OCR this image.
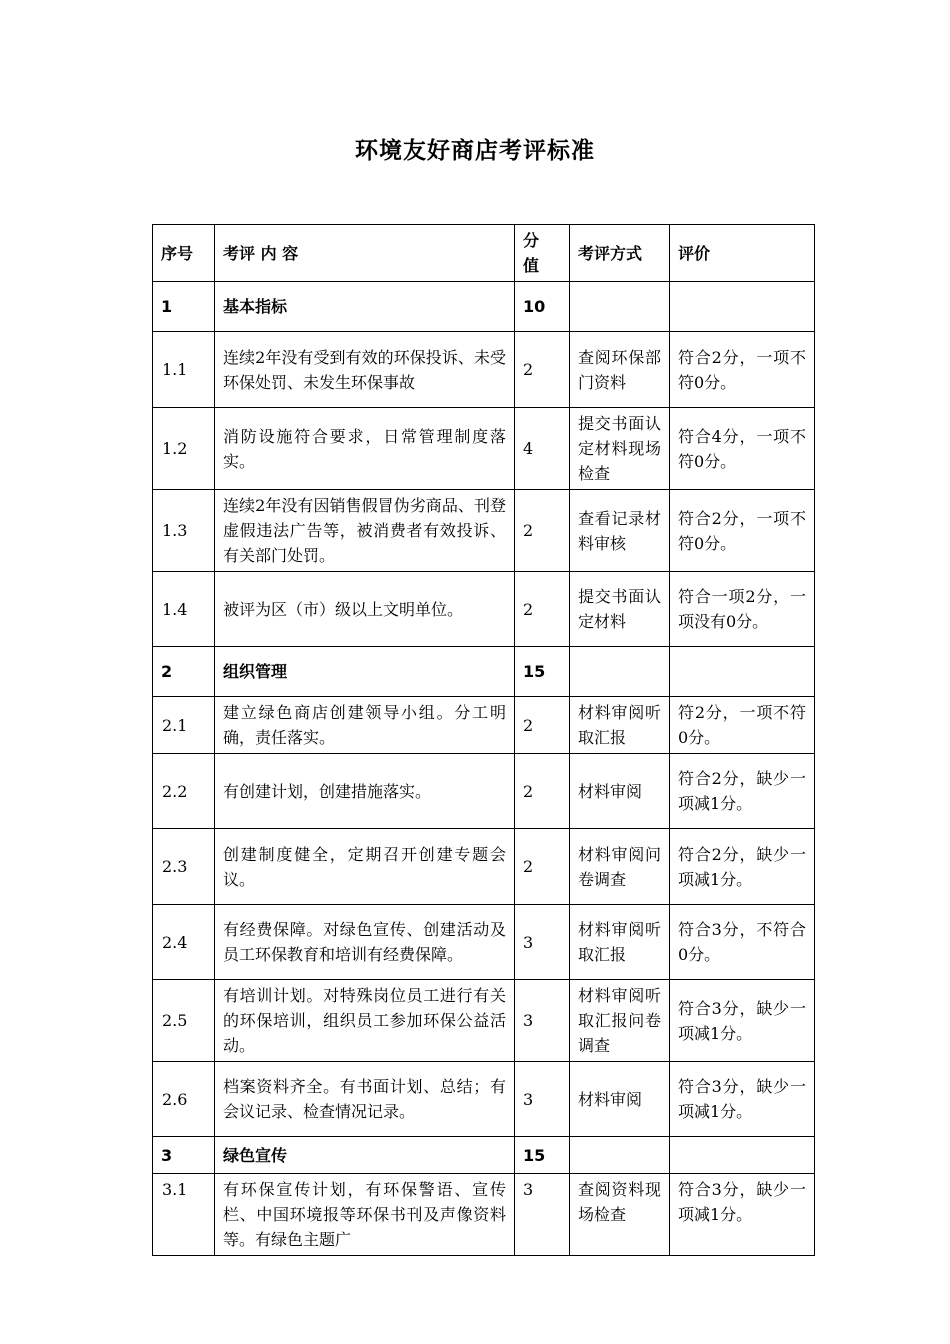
环境友好商店考评标准
序号	考评 内 容	分值	考评方式	评价
1	基本指标	10		
1.1	连续2年没有受到有效的环保投诉、未受环保处罚、未发生环保事故	2	查阅环保部门资料	符合2分，一项不符0分。
1.2	消防设施符合要求，日常管理制度落实。	4	提交书面认定材料现场检查	符合4分，一项不符0分。
1.3	连续2年没有因销售假冒伪劣商品、刊登虚假违法广告等，被消费者有效投诉、有关部门处罚。	2	查看记录材料审核	符合2分，一项不符0分。
1.4	被评为区（市）级以上文明单位。	2	提交书面认定材料	符合一项2分，一项没有0分。
2	组织管理	15		
2.1	建立绿色商店创建领导小组。分工明确，责任落实。	2	材料审阅听取汇报	符2分，一项不符0分。
2.2	有创建计划，创建措施落实。	2	材料审阅	符合2分，缺少一项减1分。
2.3	创建制度健全，定期召开创建专题会议。	2	材料审阅问卷调查	符合2分，缺少一项减1分。
2.4	有经费保障。对绿色宣传、创建活动及员工环保教育和培训有经费保障。	3	材料审阅听取汇报	符合3分，不符合0分。
2.5	有培训计划。对特殊岗位员工进行有关的环保培训，组织员工参加环保公益活动。	3	材料审阅听取汇报问卷调查	符合3分，缺少一项减1分。
2.6	档案资料齐全。有书面计划、总结；有会议记录、检查情况记录。	3	材料审阅	符合3分，缺少一项减1分。
3	绿色宣传	15		
3.1	有环保宣传计划，有环保警语、宣传栏、中国环境报等环保书刊及声像资料等。有绿色主题广	3	查阅资料现场检查	符合3分，缺少一项减1分。
